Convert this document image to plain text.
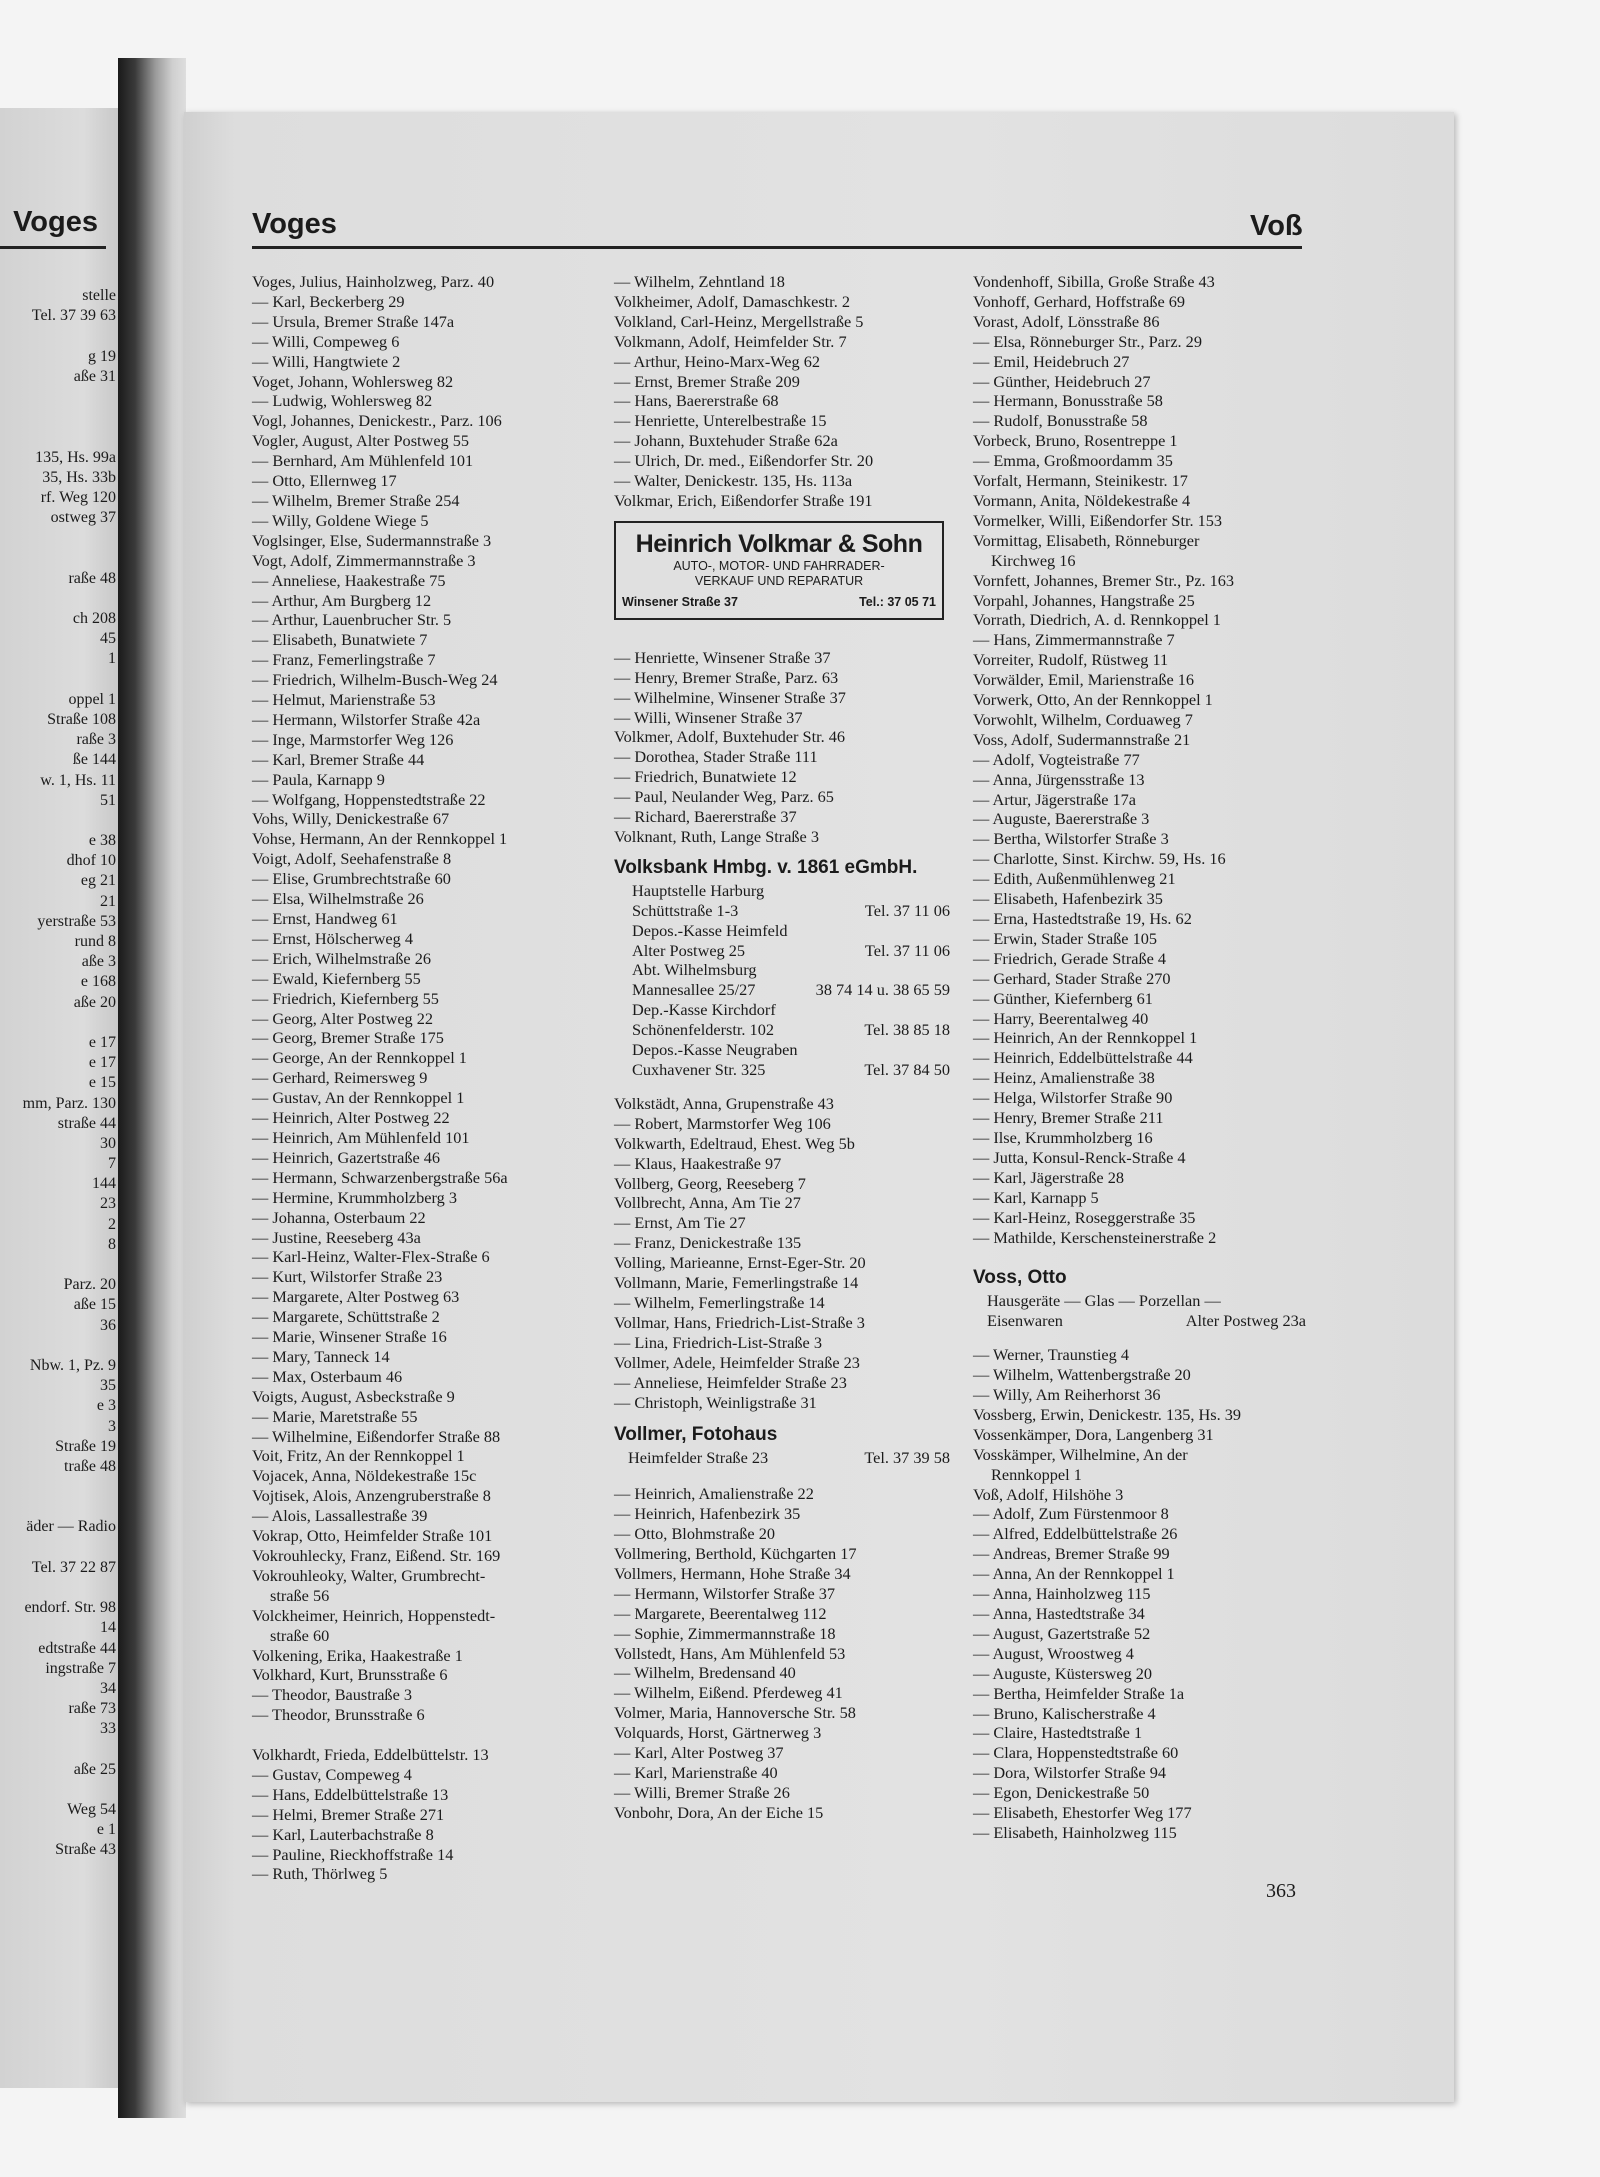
Voges
stelle
Tel. 37 39 63
g 19
aße 31
135, Hs. 99a
35, Hs. 33b
rf. Weg 120
ostweg 37
raße 48
ch 208
45
1
oppel 1
Straße 108
raße 3
ße 144
w. 1, Hs. 11
51
e 38
dhof 10
eg 21
21
yerstraße 53
rund 8
aße 3
e 168
aße 20
e 17
e 17
e 15
mm, Parz. 130
straße 44
30
7
144
23
2
8
Parz. 20
aße 15
36
Nbw. 1, Pz. 9
35
e 3
3
Straße 19
traße 48
äder — Radio
Tel. 37 22 87
endorf. Str. 98
14
edtstraße 44
ingstraße 7
34
raße 73
33
aße 25
Weg 54
e 1
Straße 43
Voges	Voß
Voges, Julius, Hainholzweg, Parz. 40
— Karl, Beckerberg 29
— Ursula, Bremer Straße 147a
— Willi, Compeweg 6
— Willi, Hangtwiete 2
Voget, Johann, Wohlersweg 82
— Ludwig, Wohlersweg 82
Vogl, Johannes, Denickestr., Parz. 106
Vogler, August, Alter Postweg 55
— Bernhard, Am Mühlenfeld 101
— Otto, Ellernweg 17
— Wilhelm, Bremer Straße 254
— Willy, Goldene Wiege 5
Voglsinger, Else, Sudermannstraße 3
Vogt, Adolf, Zimmermannstraße 3
— Anneliese, Haakestraße 75
— Arthur, Am Burgberg 12
— Arthur, Lauenbrucher Str. 5
— Elisabeth, Bunatwiete 7
— Franz, Femerlingstraße 7
— Friedrich, Wilhelm-Busch-Weg 24
— Helmut, Marienstraße 53
— Hermann, Wilstorfer Straße 42a
— Inge, Marmstorfer Weg 126
— Karl, Bremer Straße 44
— Paula, Karnapp 9
— Wolfgang, Hoppenstedtstraße 22
Vohs, Willy, Denickestraße 67
Vohse, Hermann, An der Rennkoppel 1
Voigt, Adolf, Seehafenstraße 8
— Elise, Grumbrechtstraße 60
— Elsa, Wilhelmstraße 26
— Ernst, Handweg 61
— Ernst, Hölscherweg 4
— Erich, Wilhelmstraße 26
— Ewald, Kiefernberg 55
— Friedrich, Kiefernberg 55
— Georg, Alter Postweg 22
— Georg, Bremer Straße 175
— George, An der Rennkoppel 1
— Gerhard, Reimersweg 9
— Gustav, An der Rennkoppel 1
— Heinrich, Alter Postweg 22
— Heinrich, Am Mühlenfeld 101
— Heinrich, Gazertstraße 46
— Hermann, Schwarzenbergstraße 56a
— Hermine, Krummholzberg 3
— Johanna, Osterbaum 22
— Justine, Reeseberg 43a
— Karl-Heinz, Walter-Flex-Straße 6
— Kurt, Wilstorfer Straße 23
— Margarete, Alter Postweg 63
— Margarete, Schüttstraße 2
— Marie, Winsener Straße 16
— Mary, Tanneck 14
— Max, Osterbaum 46
Voigts, August, Asbeckstraße 9
— Marie, Maretstraße 55
— Wilhelmine, Eißendorfer Straße 88
Voit, Fritz, An der Rennkoppel 1
Vojacek, Anna, Nöldekestraße 15c
Vojtisek, Alois, Anzengruberstraße 8
— Alois, Lassallestraße 39
Vokrap, Otto, Heimfelder Straße 101
Vokrouhlecky, Franz, Eißend. Str. 169
Vokrouhleoky, Walter, Grumbrecht-
straße 56
Volckheimer, Heinrich, Hoppenstedt-
straße 60
Volkening, Erika, Haakestraße 1
Volkhard, Kurt, Brunsstraße 6
— Theodor, Baustraße 3
— Theodor, Brunsstraße 6
Volkhardt, Frieda, Eddelbüttelstr. 13
— Gustav, Compeweg 4
— Hans, Eddelbüttelstraße 13
— Helmi, Bremer Straße 271
— Karl, Lauterbachstraße 8
— Pauline, Rieckhoffstraße 14
— Ruth, Thörlweg 5
— Wilhelm, Zehntland 18
Volkheimer, Adolf, Damaschkestr. 2
Volkland, Carl-Heinz, Mergellstraße 5
Volkmann, Adolf, Heimfelder Str. 7
— Arthur, Heino-Marx-Weg 62
— Ernst, Bremer Straße 209
— Hans, Baererstraße 68
— Henriette, Unterelbestraße 15
— Johann, Buxtehuder Straße 62a
— Ulrich, Dr. med., Eißendorfer Str. 20
— Walter, Denickestr. 135, Hs. 113a
Volkmar, Erich, Eißendorfer Straße 191
Heinrich Volkmar & Sohn
AUTO-, MOTOR- UND FAHRRADER-
VERKAUF UND REPARATUR
Winsener Straße 37	Tel.: 37 05 71
— Henriette, Winsener Straße 37
— Henry, Bremer Straße, Parz. 63
— Wilhelmine, Winsener Straße 37
— Willi, Winsener Straße 37
Volkmer, Adolf, Buxtehuder Str. 46
— Dorothea, Stader Straße 111
— Friedrich, Bunatwiete 12
— Paul, Neulander Weg, Parz. 65
— Richard, Baererstraße 37
Volknant, Ruth, Lange Straße 3
Volksbank Hmbg. v. 1861 eGmbH.
Hauptstelle Harburg
Schüttstraße 1-3	Tel. 37 11 06
Depos.-Kasse Heimfeld
Alter Postweg 25	Tel. 37 11 06
Abt. Wilhelmsburg
Mannesallee 25/27	38 74 14 u. 38 65 59
Dep.-Kasse Kirchdorf
Schönenfelderstr. 102	Tel. 38 85 18
Depos.-Kasse Neugraben
Cuxhavener Str. 325	Tel. 37 84 50
Volkstädt, Anna, Grupenstraße 43
— Robert, Marmstorfer Weg 106
Volkwarth, Edeltraud, Ehest. Weg 5b
— Klaus, Haakestraße 97
Vollberg, Georg, Reeseberg 7
Vollbrecht, Anna, Am Tie 27
— Ernst, Am Tie 27
— Franz, Denickestraße 135
Volling, Marieanne, Ernst-Eger-Str. 20
Vollmann, Marie, Femerlingstraße 14
— Wilhelm, Femerlingstraße 14
Vollmar, Hans, Friedrich-List-Straße 3
— Lina, Friedrich-List-Straße 3
Vollmer, Adele, Heimfelder Straße 23
— Anneliese, Heimfelder Straße 23
— Christoph, Weinligstraße 31
Vollmer, Fotohaus
Heimfelder Straße 23	Tel. 37 39 58
— Heinrich, Amalienstraße 22
— Heinrich, Hafenbezirk 35
— Otto, Blohmstraße 20
Vollmering, Berthold, Küchgarten 17
Vollmers, Hermann, Hohe Straße 34
— Hermann, Wilstorfer Straße 37
— Margarete, Beerentalweg 112
— Sophie, Zimmermannstraße 18
Vollstedt, Hans, Am Mühlenfeld 53
— Wilhelm, Bredensand 40
— Wilhelm, Eißend. Pferdeweg 41
Volmer, Maria, Hannoversche Str. 58
Volquards, Horst, Gärtnerweg 3
— Karl, Alter Postweg 37
— Karl, Marienstraße 40
— Willi, Bremer Straße 26
Vonbohr, Dora, An der Eiche 15
Vondenhoff, Sibilla, Große Straße 43
Vonhoff, Gerhard, Hoffstraße 69
Vorast, Adolf, Lönsstraße 86
— Elsa, Rönneburger Str., Parz. 29
— Emil, Heidebruch 27
— Günther, Heidebruch 27
— Hermann, Bonusstraße 58
— Rudolf, Bonusstraße 58
Vorbeck, Bruno, Rosentreppe 1
— Emma, Großmoordamm 35
Vorfalt, Hermann, Steinikestr. 17
Vormann, Anita, Nöldekestraße 4
Vormelker, Willi, Eißendorfer Str. 153
Vormittag, Elisabeth, Rönneburger
Kirchweg 16
Vornfett, Johannes, Bremer Str., Pz. 163
Vorpahl, Johannes, Hangstraße 25
Vorrath, Diedrich, A. d. Rennkoppel 1
— Hans, Zimmermannstraße 7
Vorreiter, Rudolf, Rüstweg 11
Vorwälder, Emil, Marienstraße 16
Vorwerk, Otto, An der Rennkoppel 1
Vorwohlt, Wilhelm, Corduaweg 7
Voss, Adolf, Sudermannstraße 21
— Adolf, Vogteistraße 77
— Anna, Jürgensstraße 13
— Artur, Jägerstraße 17a
— Auguste, Baererstraße 3
— Bertha, Wilstorfer Straße 3
— Charlotte, Sinst. Kirchw. 59, Hs. 16
— Edith, Außenmühlenweg 21
— Elisabeth, Hafenbezirk 35
— Erna, Hastedtstraße 19, Hs. 62
— Erwin, Stader Straße 105
— Friedrich, Gerade Straße 4
— Gerhard, Stader Straße 270
— Günther, Kiefernberg 61
— Harry, Beerentalweg 40
— Heinrich, An der Rennkoppel 1
— Heinrich, Eddelbüttelstraße 44
— Heinz, Amalienstraße 38
— Helga, Wilstorfer Straße 90
— Henry, Bremer Straße 211
— Ilse, Krummholzberg 16
— Jutta, Konsul-Renck-Straße 4
— Karl, Jägerstraße 28
— Karl, Karnapp 5
— Karl-Heinz, Roseggerstraße 35
— Mathilde, Kerschensteinerstraße 2
Voss, Otto
Hausgeräte — Glas — Porzellan —
Eisenwaren	Alter Postweg 23a
— Werner, Traunstieg 4
— Wilhelm, Wattenbergstraße 20
— Willy, Am Reiherhorst 36
Vossberg, Erwin, Denickestr. 135, Hs. 39
Vossenkämper, Dora, Langenberg 31
Vosskämper, Wilhelmine, An der
Rennkoppel 1
Voß, Adolf, Hilshöhe 3
— Adolf, Zum Fürstenmoor 8
— Alfred, Eddelbüttelstraße 26
— Andreas, Bremer Straße 99
— Anna, An der Rennkoppel 1
— Anna, Hainholzweg 115
— Anna, Hastedtstraße 34
— August, Gazertstraße 52
— August, Wroostweg 4
— Auguste, Küstersweg 20
— Bertha, Heimfelder Straße 1a
— Bruno, Kalischerstraße 4
— Claire, Hastedtstraße 1
— Clara, Hoppenstedtstraße 60
— Dora, Wilstorfer Straße 94
— Egon, Denickestraße 50
— Elisabeth, Ehestorfer Weg 177
— Elisabeth, Hainholzweg 115
363
